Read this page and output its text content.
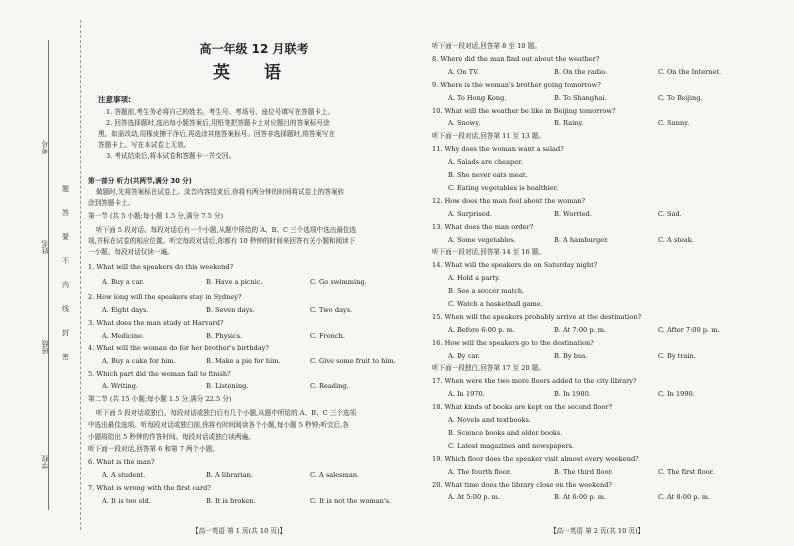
考号
姓名
班级
学校
题
答
要
不
内
线
封
密
高一年级 12 月联考
英 语
注意事项:
1. 答题前,考生务必将自己的姓名、考生号、考场号、座位号填写在答题卡上。
2. 回答选择题时,选出每小题答案后,用铅笔把答题卡上对应题目的答案标号涂
黑。如需改动,用橡皮擦干净后,再选涂其他答案标号。回答非选择题时,将答案写在
答题卡上。写在本试卷上无效。
3. 考试结束后,将本试卷和答题卡一并交回。
第一部分 听力(共两节,满分 30 分)
做题时,先将答案标在试卷上。录音内容结束后,你将有两分钟的时间将试卷上的答案转
涂到答题卡上。
第一节 (共 5 小题;每小题 1.5 分,满分 7.5 分)
听下面 5 段对话。每段对话后有一个小题,从题中所给的 A、B、C 三个选项中选出最佳选
项,并标在试卷的相应位置。听完每段对话后,你都有 10 秒钟的时间来回答有关小题和阅读下
一小题。每段对话仅读一遍。
1. What will the speakers do this weekend?
A. Buy a car.	B. Have a picnic.	C. Go swimming.
2. How long will the speakers stay in Sydney?
A. Eight days.	B. Seven days.	C. Two days.
3. What does the man study at Harvard?
A. Medicine.	B. Physics.	C. French.
4. What will the woman do for her brother's birthday?
A. Buy a cake for him.	B. Make a pie for him.	C. Give some fruit to him.
5. Which part did the woman fail to finish?
A. Writing.	B. Listening.	C. Reading.
第二节 (共 15 小题;每小题 1.5 分,满分 22.5 分)
听下面 5 段对话或独白。每段对话或独白后有几个小题,从题中所给的 A、B、C 三个选项
中选出最佳选项。听每段对话或独白前,你将有时间阅读各个小题,每小题 5 秒钟;听完后,各
小题将给出 5 秒钟的作答时间。每段对话或独白读两遍。
听下面一段对话,回答第 6 和第 7 两个小题。
6. What is the man?
A. A student.	B. A librarian.	C. A salesman.
7. What is wrong with the first card?
A. It is too old.	B. It is broken.	C. It is not the woman's.
【高一英语 第 1 页(共 10 页)】	【高一英语 第 2 页(共 10 页)】
听下面一段对话,回答第 8 至 10 题。
8. Where did the man find out about the weather?
A. On TV.	B. On the radio.	C. On the Internet.
9. Where is the woman's brother going tomorrow?
A. To Hong Kong.	B. To Shanghai.	C. To Beijing.
10. What will the weather be like in Beijing tomorrow?
A. Snowy.	B. Rainy.	C. Sunny.
听下面一段对话,回答第 11 至 13 题。
11. Why does the woman want a salad?
A. Salads are cheaper.
B. She never eats meat.
C. Eating vegetables is healthier.
12. How does the man feel about the woman?
A. Surprised.	B. Worried.	C. Sad.
13. What does the man order?
A. Some vegetables.	B. A hamburger.	C. A steak.
听下面一段对话,回答第 14 至 16 题。
14. What will the speakers do on Saturday night?
A. Hold a party.
B. See a soccer match.
C. Watch a basketball game.
15. When will the speakers probably arrive at the destination?
A. Before 6:00 p. m.	B. At 7:00 p. m.	C. After 7:00 p. m.
16. How will the speakers go to the destination?
A. By car.	B. By bus.	C. By train.
听下面一段独白,回答第 17 至 20 题。
17. When were the two more floors added to the city library?
A. In 1970.	B. In 1980.	C. In 1990.
18. What kinds of books are kept on the second floor?
A. Novels and textbooks.
B. Science books and older books.
C. Latest magazines and newspapers.
19. Which floor does the speaker visit almost every weekend?
A. The fourth floor.	B. The third floor.	C. The first floor.
20. What time does the library close on the weekend?
A. At 5:00 p. m.	B. At 6:00 p. m.	C. At 8:00 p. m.
